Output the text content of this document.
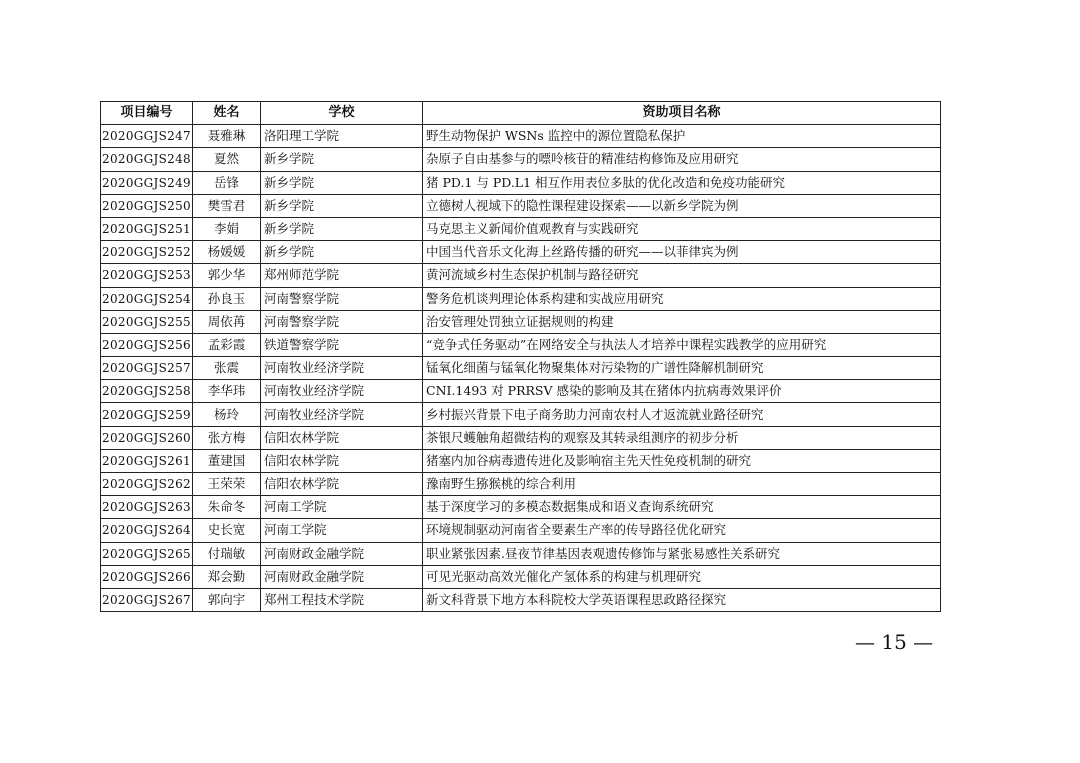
项目编号	姓名	学校	资助项目名称
2020GGJS247	聂雅琳	洛阳理工学院	野生动物保护 WSNs 监控中的源位置隐私保护
2020GGJS248	夏然	新乡学院	杂原子自由基参与的嘌呤核苷的精准结构修饰及应用研究
2020GGJS249	岳锋	新乡学院	猪 PD.1 与 PD.L1 相互作用表位多肽的优化改造和免疫功能研究
2020GGJS250	樊雪君	新乡学院	立德树人视域下的隐性课程建设探索——以新乡学院为例
2020GGJS251	李娟	新乡学院	马克思主义新闻价值观教育与实践研究
2020GGJS252	杨媛媛	新乡学院	中国当代音乐文化海上丝路传播的研究——以菲律宾为例
2020GGJS253	郭少华	郑州师范学院	黄河流域乡村生态保护机制与路径研究
2020GGJS254	孙良玉	河南警察学院	警务危机谈判理论体系构建和实战应用研究
2020GGJS255	周依苒	河南警察学院	治安管理处罚独立证据规则的构建
2020GGJS256	孟彩霞	铁道警察学院	“竞争式任务驱动”在网络安全与执法人才培养中课程实践教学的应用研究
2020GGJS257	张震	河南牧业经济学院	锰氧化细菌与锰氧化物聚集体对污染物的广谱性降解机制研究
2020GGJS258	李华玮	河南牧业经济学院	CNI.1493 对 PRRSV 感染的影响及其在猪体内抗病毒效果评价
2020GGJS259	杨玲	河南牧业经济学院	乡村振兴背景下电子商务助力河南农村人才返流就业路径研究
2020GGJS260	张方梅	信阳农林学院	茶银尺蠖触角超微结构的观察及其转录组测序的初步分析
2020GGJS261	董建国	信阳农林学院	猪塞内加谷病毒遗传进化及影响宿主先天性免疫机制的研究
2020GGJS262	王荣荣	信阳农林学院	豫南野生猕猴桃的综合利用
2020GGJS263	朱命冬	河南工学院	基于深度学习的多模态数据集成和语义查询系统研究
2020GGJS264	史长宽	河南工学院	环境规制驱动河南省全要素生产率的传导路径优化研究
2020GGJS265	付瑞敏	河南财政金融学院	职业紧张因素.昼夜节律基因表观遗传修饰与紧张易感性关系研究
2020GGJS266	郑会勤	河南财政金融学院	可见光驱动高效光催化产氢体系的构建与机理研究
2020GGJS267	郭向宇	郑州工程技术学院	新文科背景下地方本科院校大学英语课程思政路径探究
— 15 —
